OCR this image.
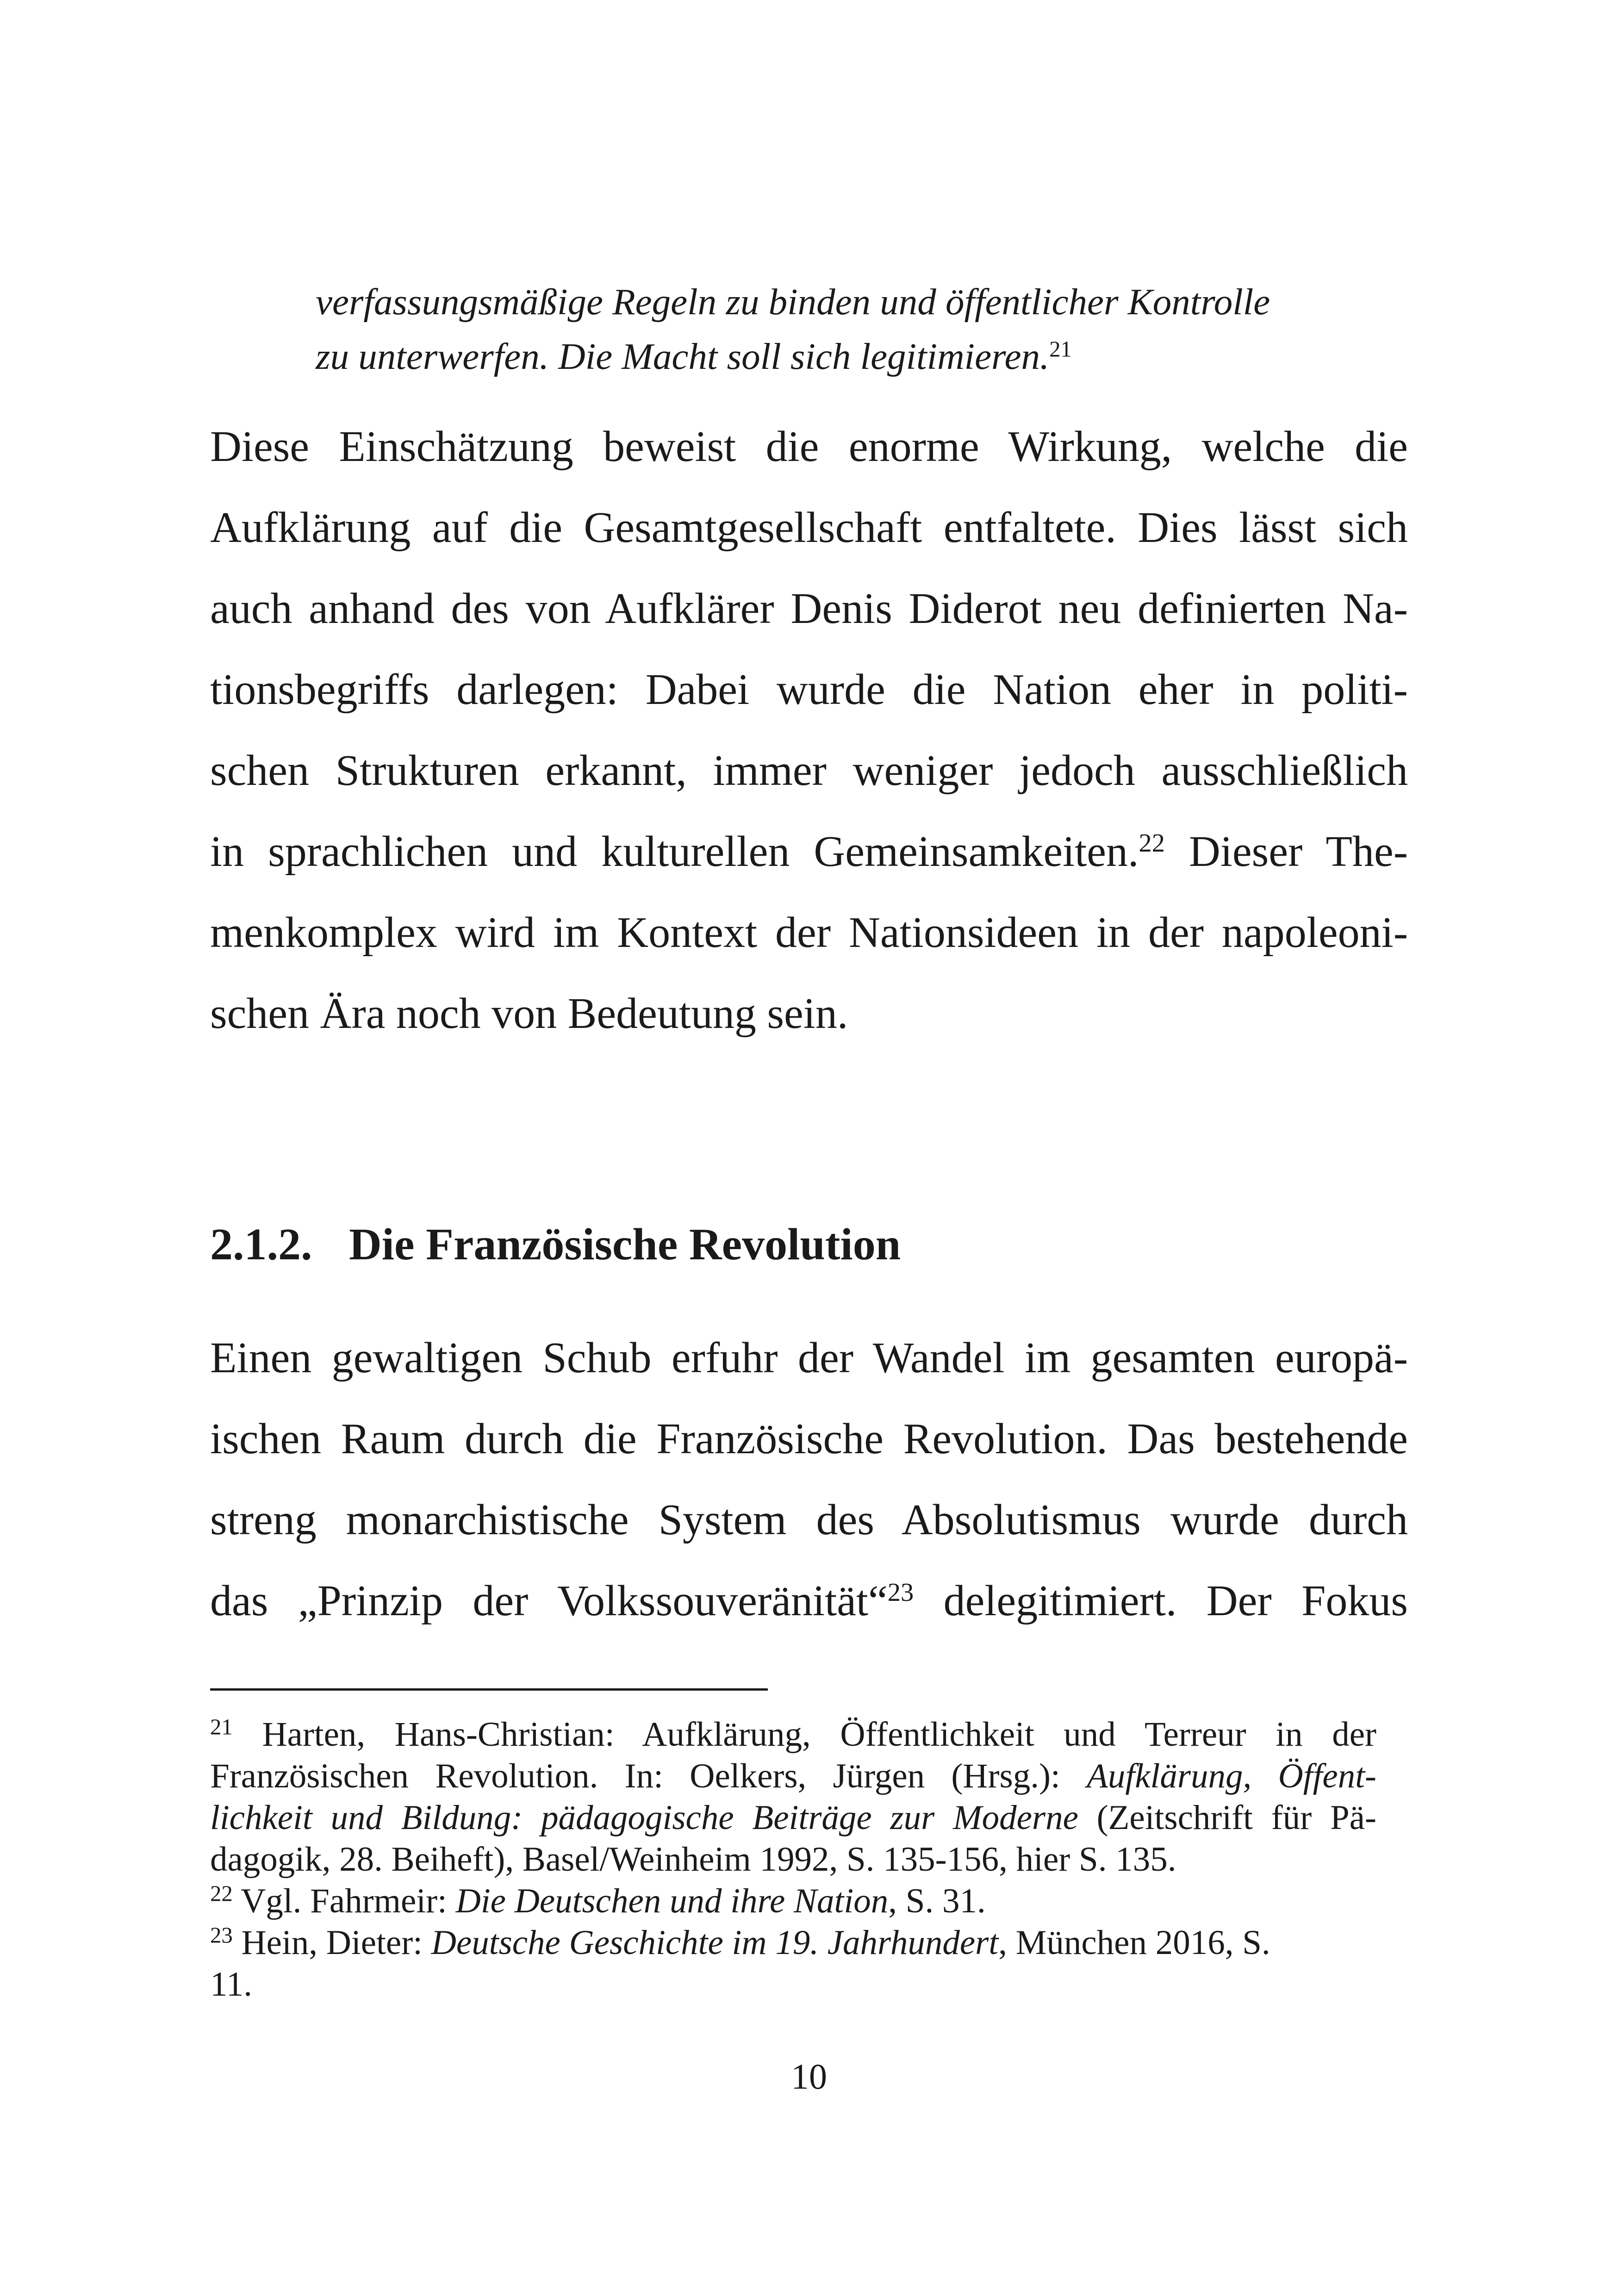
verfassungsmäßige Regeln zu binden und öffentlicher Kontrolle
zu unterwerfen. Die Macht soll sich legitimieren.$^{21}$
Diese Einschätzung beweist die enorme Wirkung, welche die
Aufklärung auf die Gesamtgesellschaft entfaltete. Dies lässt sich
auch anhand des von Aufklärer Denis Diderot neu definierten Na-
tionsbegriffs darlegen: Dabei wurde die Nation eher in politi-
schen Strukturen erkannt, immer weniger jedoch ausschließlich
in sprachlichen und kulturellen Gemeinsamkeiten.$^{22}$ Dieser The-
menkomplex wird im Kontext der Nationsideen in der napoleoni-
schen Ära noch von Bedeutung sein.
2.1.2. Die Französische Revolution
Einen gewaltigen Schub erfuhr der Wandel im gesamten europä-
ischen Raum durch die Französische Revolution. Das bestehende
streng monarchistische System des Absolutismus wurde durch
das „Prinzip der Volkssouveränität“$^{23}$ delegitimiert. Der Fokus
$^{21}$ Harten, Hans-Christian: Aufklärung, Öffentlichkeit und Terreur in der
Französischen Revolution. In: Oelkers, Jürgen (Hrsg.): Aufklärung, Öffent-
lichkeit und Bildung: pädagogische Beiträge zur Moderne (Zeitschrift für Pä-
dagogik, 28. Beiheft), Basel/Weinheim 1992, S. 135-156, hier S. 135.
$^{22}$ Vgl. Fahrmeir: Die Deutschen und ihre Nation, S. 31.
$^{23}$ Hein, Dieter: Deutsche Geschichte im 19. Jahrhundert, München 2016, S.
11.
10
